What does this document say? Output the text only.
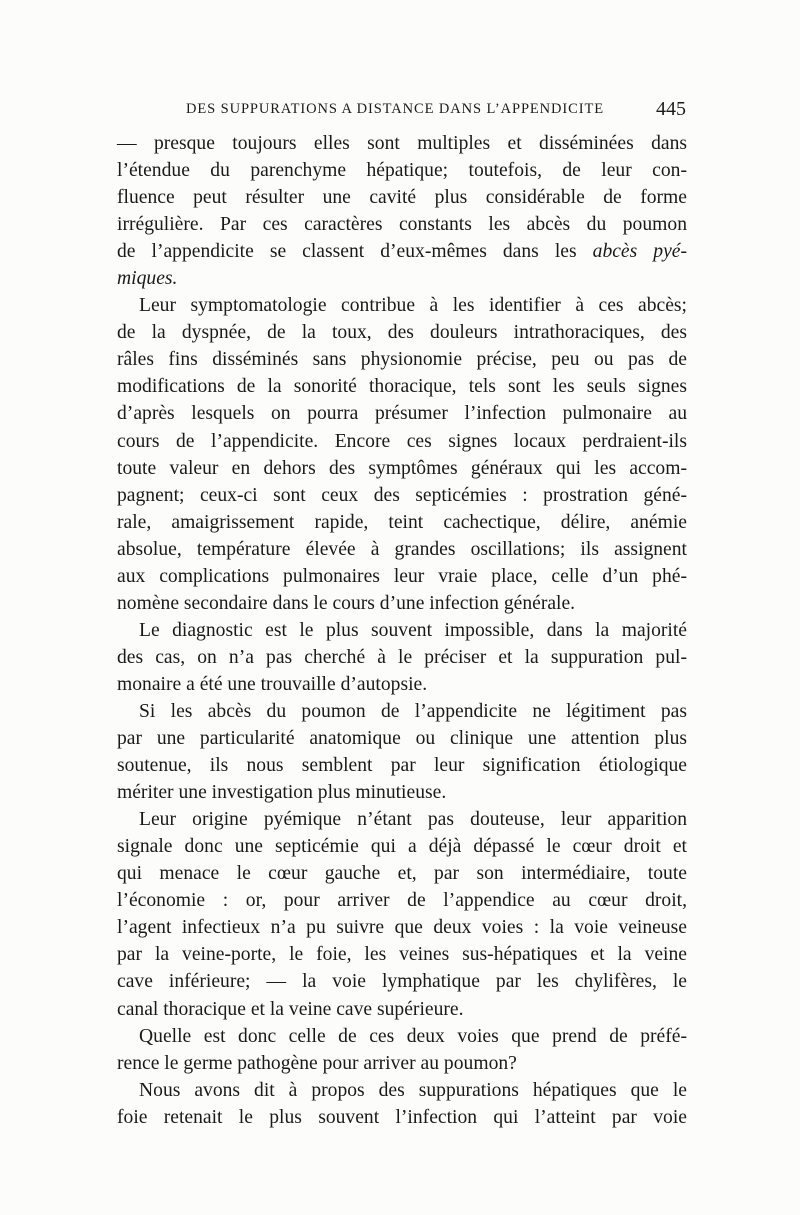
DES SUPPURATIONS A DISTANCE DANS L’APPENDICITE	445
— presque toujours elles sont multiples et disséminées dans
l’étendue du parenchyme hépatique; toutefois, de leur con-
fluence peut résulter une cavité plus considérable de forme
irrégulière. Par ces caractères constants les abcès du poumon
de l’appendicite se classent d’eux-mêmes dans les abcès pyé-
miques.
Leur symptomatologie contribue à les identifier à ces abcès;
de la dyspnée, de la toux, des douleurs intrathoraciques, des
râles fins disséminés sans physionomie précise, peu ou pas de
modifications de la sonorité thoracique, tels sont les seuls signes
d’après lesquels on pourra présumer l’infection pulmonaire au
cours de l’appendicite. Encore ces signes locaux perdraient-ils
toute valeur en dehors des symptômes généraux qui les accom-
pagnent; ceux-ci sont ceux des septicémies : prostration géné-
rale, amaigrissement rapide, teint cachectique, délire, anémie
absolue, température élevée à grandes oscillations; ils assignent
aux complications pulmonaires leur vraie place, celle d’un phé-
nomène secondaire dans le cours d’une infection générale.
Le diagnostic est le plus souvent impossible, dans la majorité
des cas, on n’a pas cherché à le préciser et la suppuration pul-
monaire a été une trouvaille d’autopsie.
Si les abcès du poumon de l’appendicite ne légitiment pas
par une particularité anatomique ou clinique une attention plus
soutenue, ils nous semblent par leur signification étiologique
mériter une investigation plus minutieuse.
Leur origine pyémique n’étant pas douteuse, leur apparition
signale donc une septicémie qui a déjà dépassé le cœur droit et
qui menace le cœur gauche et, par son intermédiaire, toute
l’économie : or, pour arriver de l’appendice au cœur droit,
l’agent infectieux n’a pu suivre que deux voies : la voie veineuse
par la veine-porte, le foie, les veines sus-hépatiques et la veine
cave inférieure; — la voie lymphatique par les chylifères, le
canal thoracique et la veine cave supérieure.
Quelle est donc celle de ces deux voies que prend de préfé-
rence le germe pathogène pour arriver au poumon?
Nous avons dit à propos des suppurations hépatiques que le
foie retenait le plus souvent l’infection qui l’atteint par voie
